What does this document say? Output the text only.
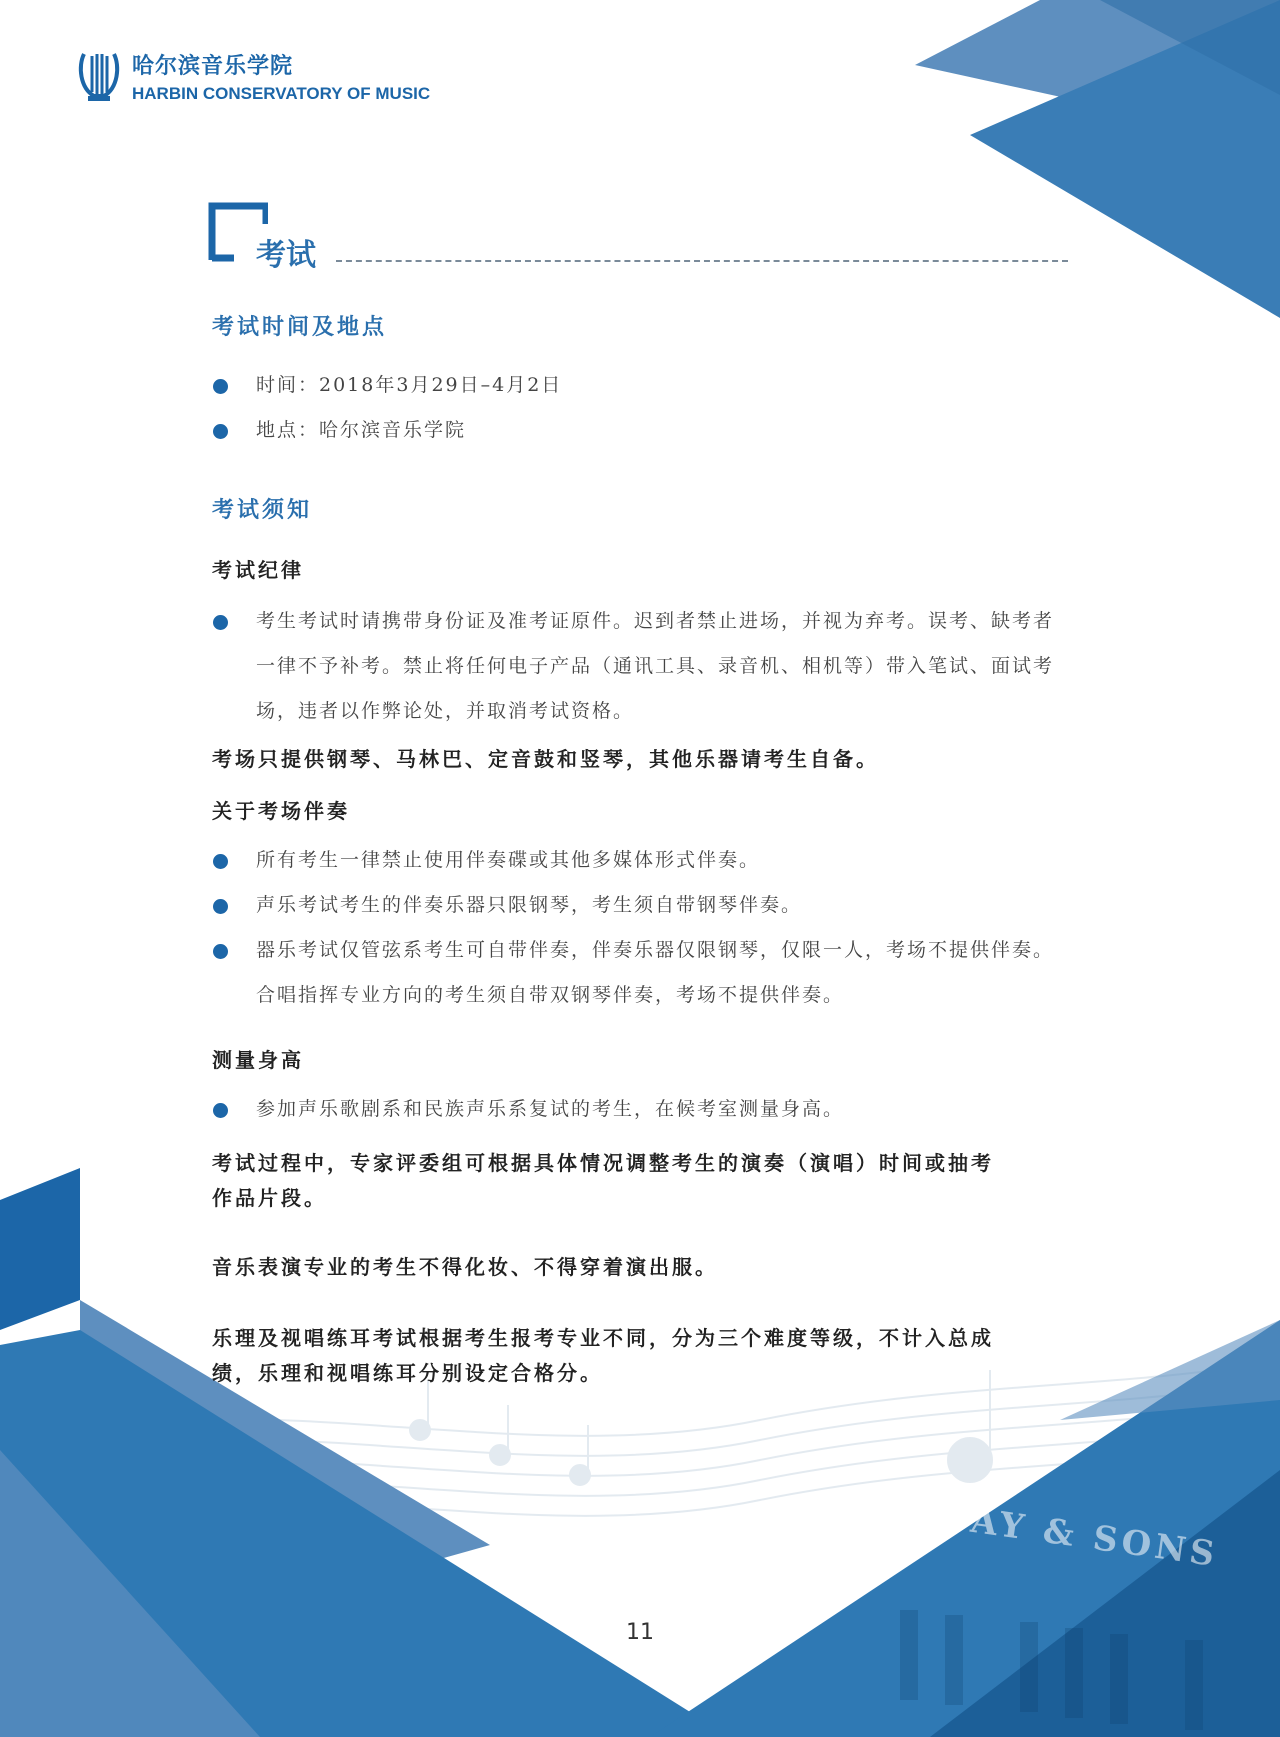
AY & SONS
哈尔滨音乐学院
HARBIN CONSERVATORY OF MUSIC
考试
考试时间及地点
时间：2018年3月29日–4月2日
地点：哈尔滨音乐学院
考试须知
考试纪律
考生考试时请携带身份证及准考证原件。迟到者禁止进场，并视为弃考。误考、缺考者一律不予补考。禁止将任何电子产品（通讯工具、录音机、相机等）带入笔试、面试考场，违者以作弊论处，并取消考试资格。
考场只提供钢琴、马林巴、定音鼓和竖琴，其他乐器请考生自备。
关于考场伴奏
所有考生一律禁止使用伴奏碟或其他多媒体形式伴奏。
声乐考试考生的伴奏乐器只限钢琴，考生须自带钢琴伴奏。
器乐考试仅管弦系考生可自带伴奏，伴奏乐器仅限钢琴，仅限一人，考场不提供伴奏。合唱指挥专业方向的考生须自带双钢琴伴奏，考场不提供伴奏。
测量身高
参加声乐歌剧系和民族声乐系复试的考生，在候考室测量身高。
考试过程中，专家评委组可根据具体情况调整考生的演奏（演唱）时间或抽考作品片段。
音乐表演专业的考生不得化妆、不得穿着演出服。
乐理及视唱练耳考试根据考生报考专业不同，分为三个难度等级，不计入总成绩，乐理和视唱练耳分别设定合格分。
11
